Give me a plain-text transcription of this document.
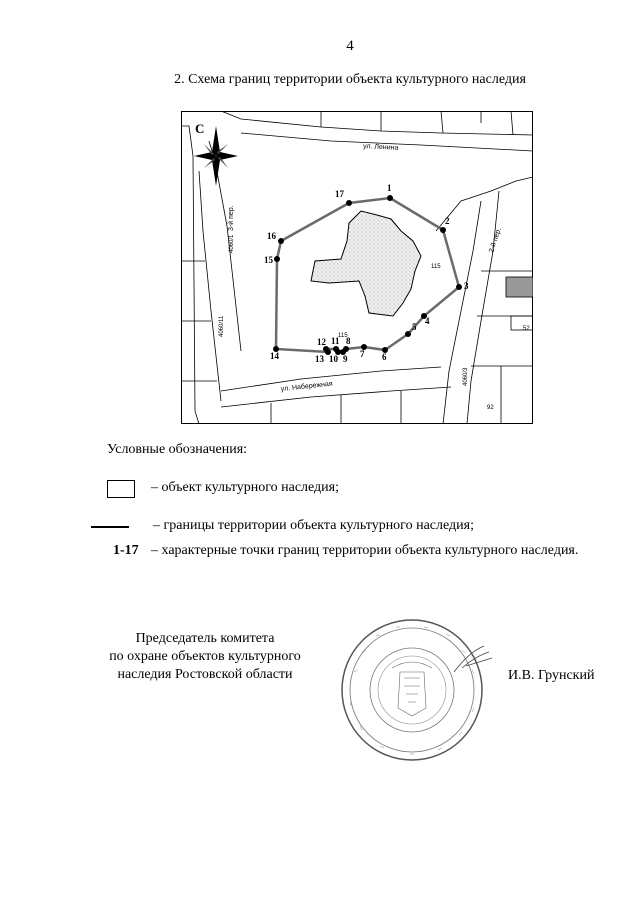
4
2. Схема границ территории объекта культурного наследия
1
2
3
4
5
6
7
8
9
10
11
12
13
14
15
16
17
С
ул. Ленина
ул. Набережная
3-й пер.
2-й пер.
4060/1
4060/11
115
115
4060/3
92
52
Условные обозначения:
– объект культурного наследия;
– границы территории объекта культурного наследия;
1-17 – характерные точки границ территории объекта культурного наследия.
Председатель комитета
по охране объектов культурного
наследия Ростовской области	И.В. Грунский
